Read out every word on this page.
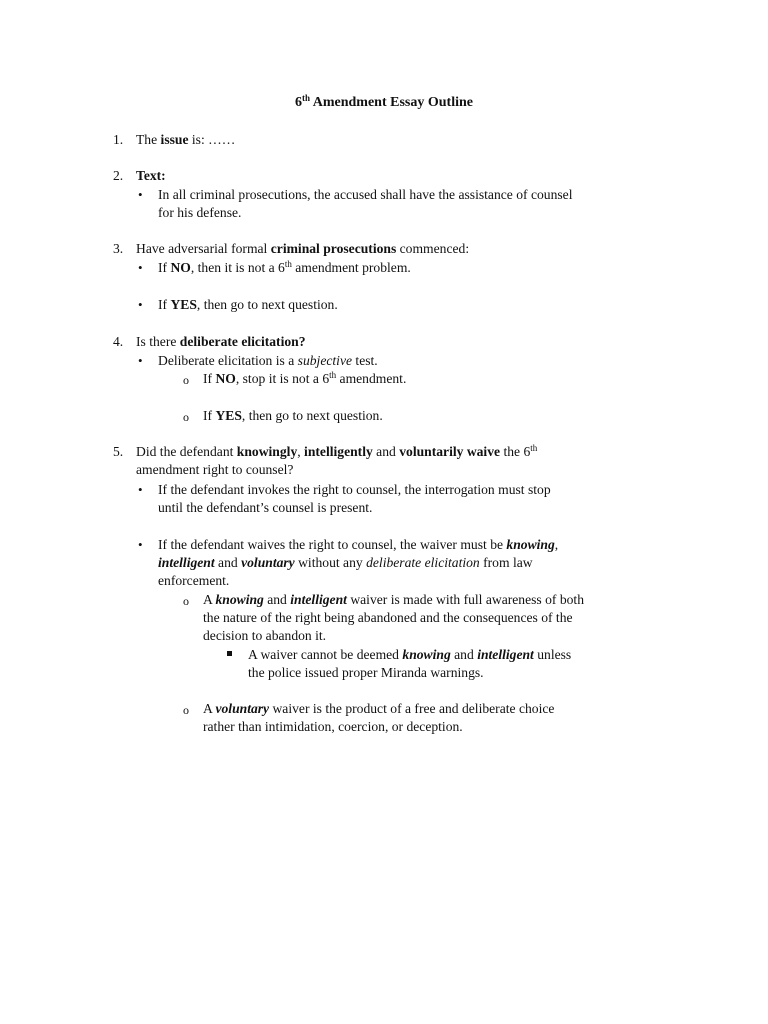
6th Amendment Essay Outline
1. The issue is: ……
2. Text:
• In all criminal prosecutions, the accused shall have the assistance of counsel
for his defense.
3. Have adversarial formal criminal prosecutions commenced:
• If NO, then it is not a 6th amendment problem.
• If YES, then go to next question.
4. Is there deliberate elicitation?
• Deliberate elicitation is a subjective test.
o If NO, stop it is not a 6th amendment.
o If YES, then go to next question.
5. Did the defendant knowingly, intelligently and voluntarily waive the 6th
amendment right to counsel?
• If the defendant invokes the right to counsel, the interrogation must stop
until the defendant’s counsel is present.
• If the defendant waives the right to counsel, the waiver must be knowing,
intelligent and voluntary without any deliberate elicitation from law
enforcement.
o A knowing and intelligent waiver is made with full awareness of both
the nature of the right being abandoned and the consequences of the
decision to abandon it.
A waiver cannot be deemed knowing and intelligent unless
the police issued proper Miranda warnings.
o A voluntary waiver is the product of a free and deliberate choice
rather than intimidation, coercion, or deception.
